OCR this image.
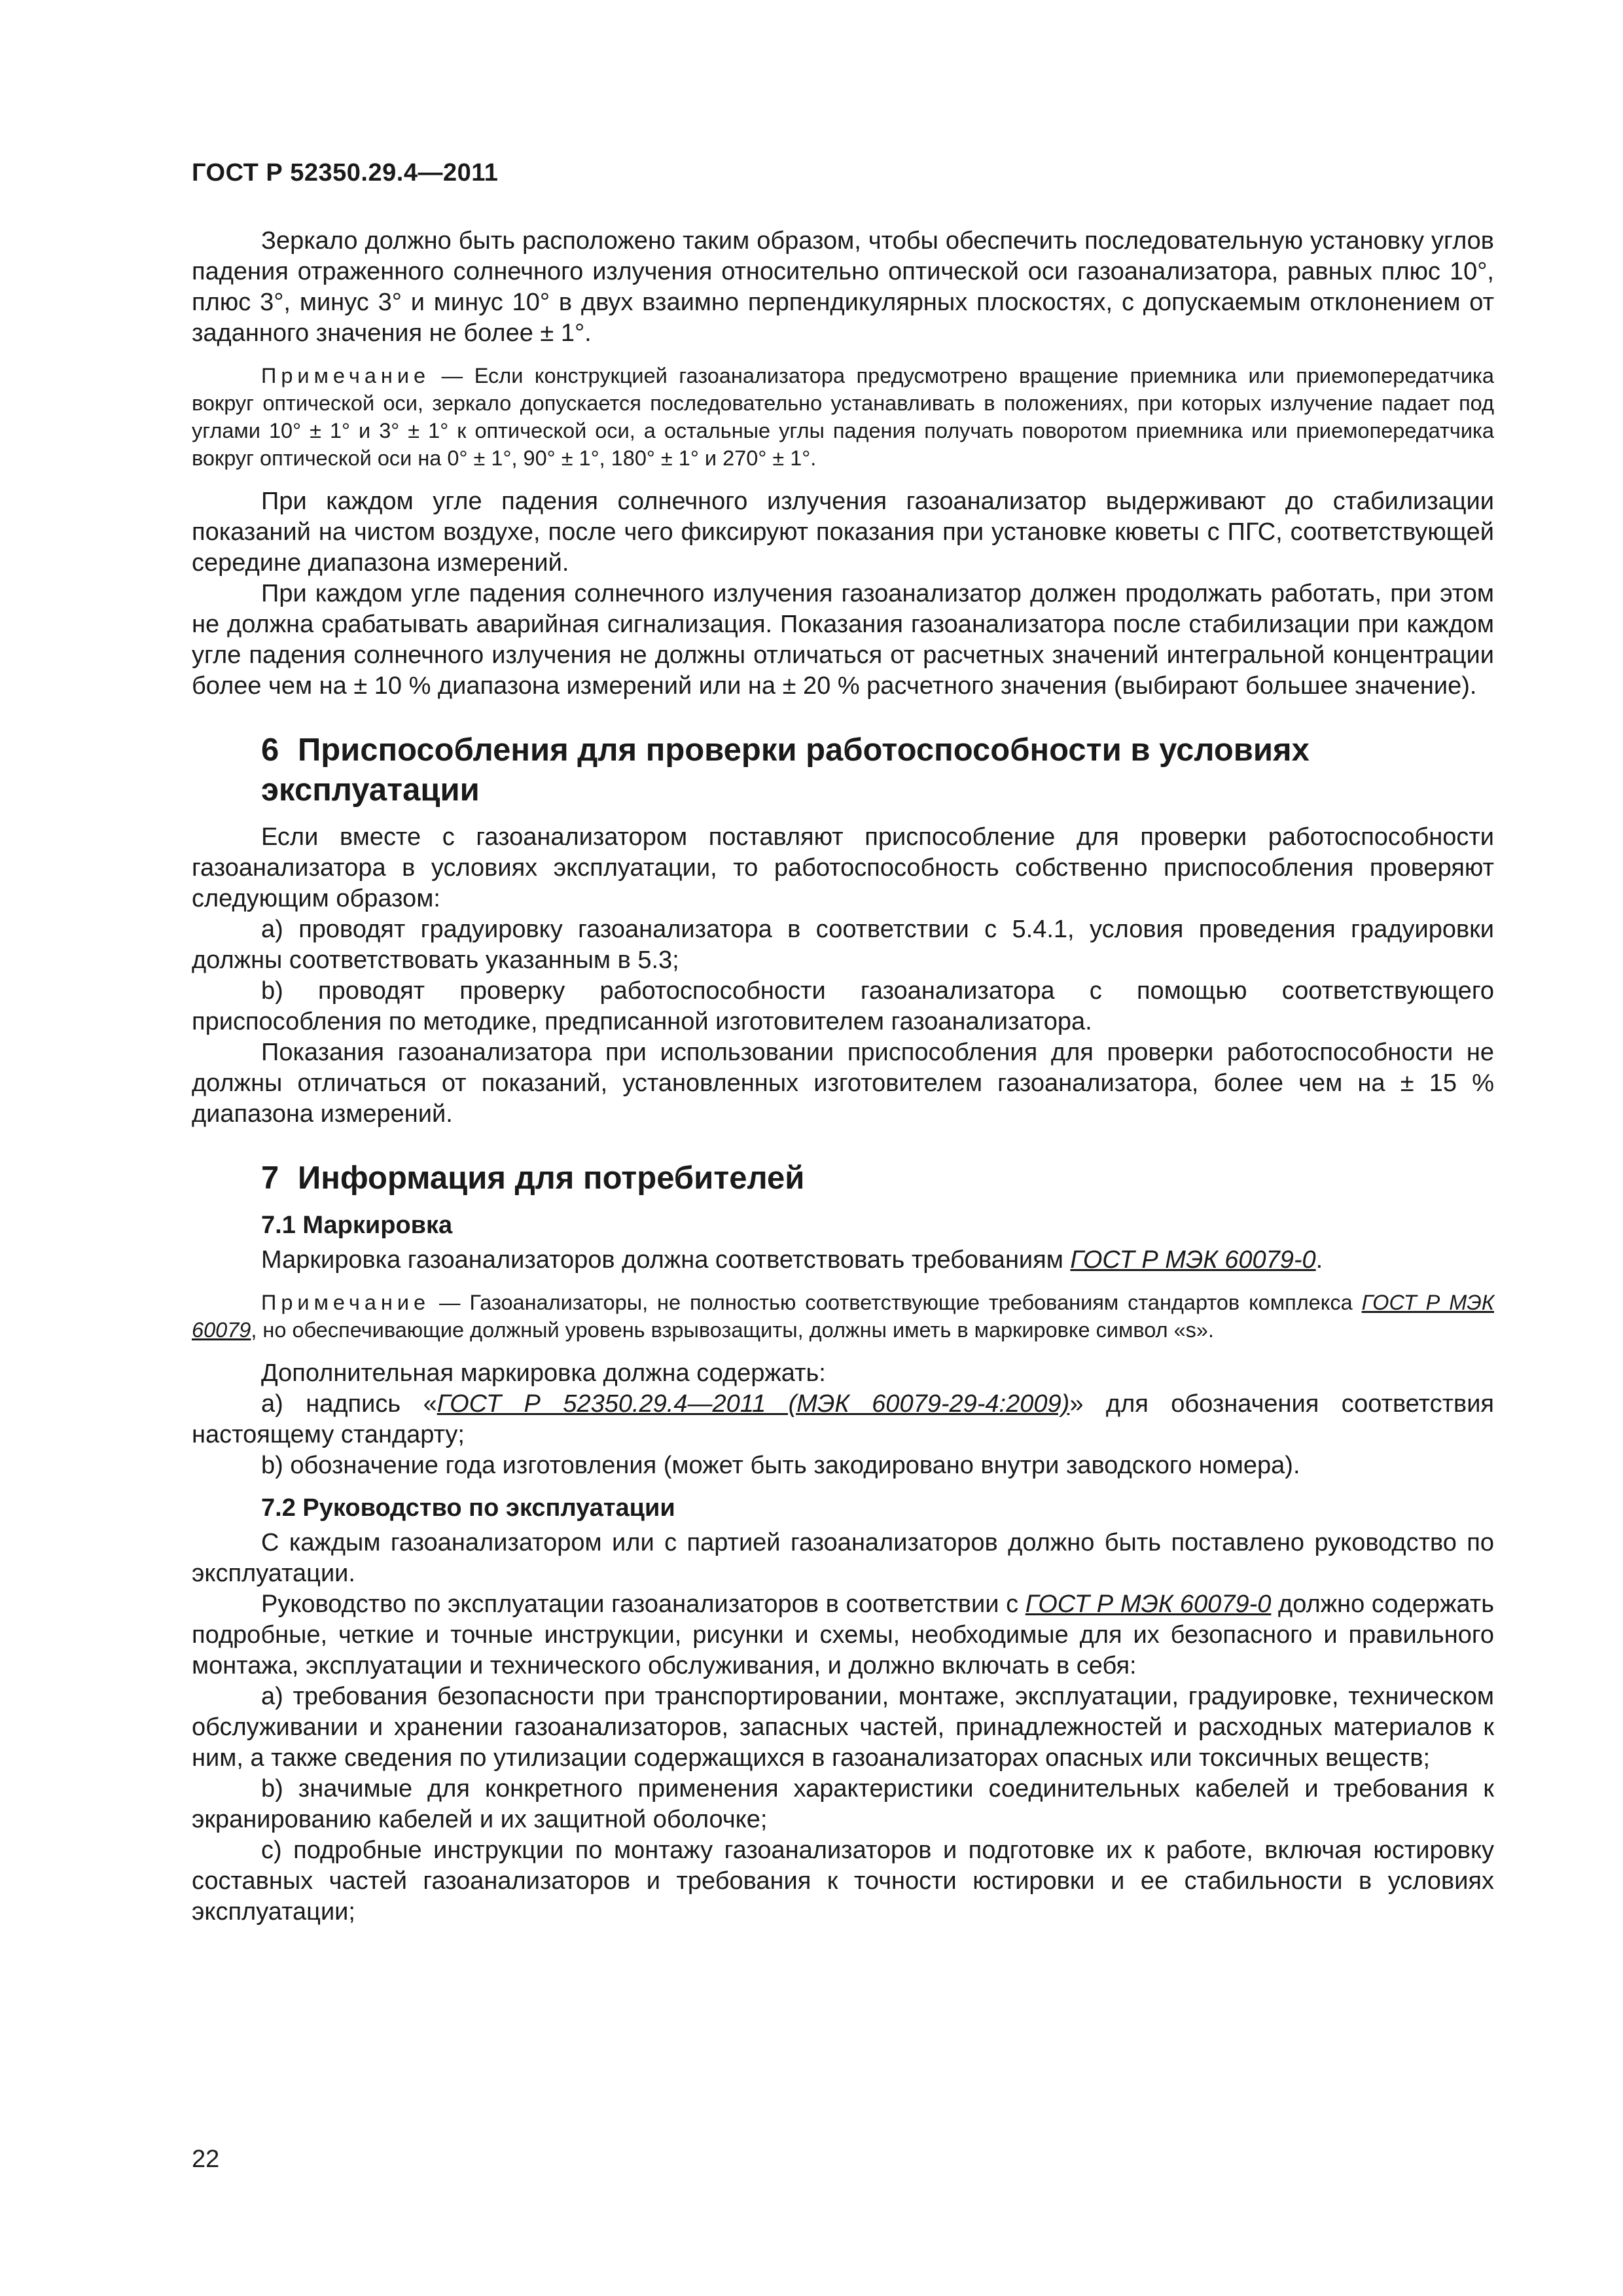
ГОСТ Р 52350.29.4—2011

Зеркало должно быть расположено таким образом, чтобы обеспечить последовательную установку углов падения отраженного солнечного излучения относительно оптической оси газоанализатора, равных плюс 10°, плюс 3°, минус 3° и минус 10° в двух взаимно перпендикулярных плоскостях, с допускаемым отклонением от заданного значения не более ± 1°.

Примечание — Если конструкцией газоанализатора предусмотрено вращение приемника или приемопередатчика вокруг оптической оси, зеркало допускается последовательно устанавливать в положениях, при которых излучение падает под углами 10° ± 1° и 3° ± 1° к оптической оси, а остальные углы падения получать поворотом приемника или приемопередатчика вокруг оптической оси на 0° ± 1°, 90° ± 1°, 180° ± 1° и 270° ± 1°.

При каждом угле падения солнечного излучения газоанализатор выдерживают до стабилизации показаний на чистом воздухе, после чего фиксируют показания при установке кюветы с ПГС, соответствующей середине диапазона измерений.

При каждом угле падения солнечного излучения газоанализатор должен продолжать работать, при этом не должна срабатывать аварийная сигнализация. Показания газоанализатора после стабилизации при каждом угле падения солнечного излучения не должны отличаться от расчетных значений интегральной концентрации более чем на ± 10 % диапазона измерений или на ± 20 % расчетного значения (выбирают большее значение).

6 Приспособления для проверки работоспособности в условиях эксплуатации

Если вместе с газоанализатором поставляют приспособление для проверки работоспособности газоанализатора в условиях эксплуатации, то работоспособность собственно приспособления проверяют следующим образом:

а) проводят градуировку газоанализатора в соответствии с 5.4.1, условия проведения градуировки должны соответствовать указанным в 5.3;

b) проводят проверку работоспособности газоанализатора с помощью соответствующего приспособления по методике, предписанной изготовителем газоанализатора.

Показания газоанализатора при использовании приспособления для проверки работоспособности не должны отличаться от показаний, установленных изготовителем газоанализатора, более чем на ± 15 % диапазона измерений.

7 Информация для потребителей
7.1 Маркировка

Маркировка газоанализаторов должна соответствовать требованиям ГОСТ Р МЭК 60079-0.

Примечание — Газоанализаторы, не полностью соответствующие требованиям стандартов комплекса ГОСТ Р МЭК 60079, но обеспечивающие должный уровень взрывозащиты, должны иметь в маркировке символ «s».

Дополнительная маркировка должна содержать:

а) надпись «ГОСТ Р 52350.29.4—2011 (МЭК 60079-29-4:2009)» для обозначения соответствия настоящему стандарту;

b) обозначение года изготовления (может быть закодировано внутри заводского номера).

7.2 Руководство по эксплуатации

С каждым газоанализатором или с партией газоанализаторов должно быть поставлено руководство по эксплуатации.

Руководство по эксплуатации газоанализаторов в соответствии с ГОСТ Р МЭК 60079-0 должно содержать подробные, четкие и точные инструкции, рисунки и схемы, необходимые для их безопасного и правильного монтажа, эксплуатации и технического обслуживания, и должно включать в себя:

а) требования безопасности при транспортировании, монтаже, эксплуатации, градуировке, техническом обслуживании и хранении газоанализаторов, запасных частей, принадлежностей и расходных материалов к ним, а также сведения по утилизации содержащихся в газоанализаторах опасных или токсичных веществ;

b) значимые для конкретного применения характеристики соединительных кабелей и требования к экранированию кабелей и их защитной оболочке;

с) подробные инструкции по монтажу газоанализаторов и подготовке их к работе, включая юстировку составных частей газоанализаторов и требования к точности юстировки и ее стабильности в условиях эксплуатации;

22
